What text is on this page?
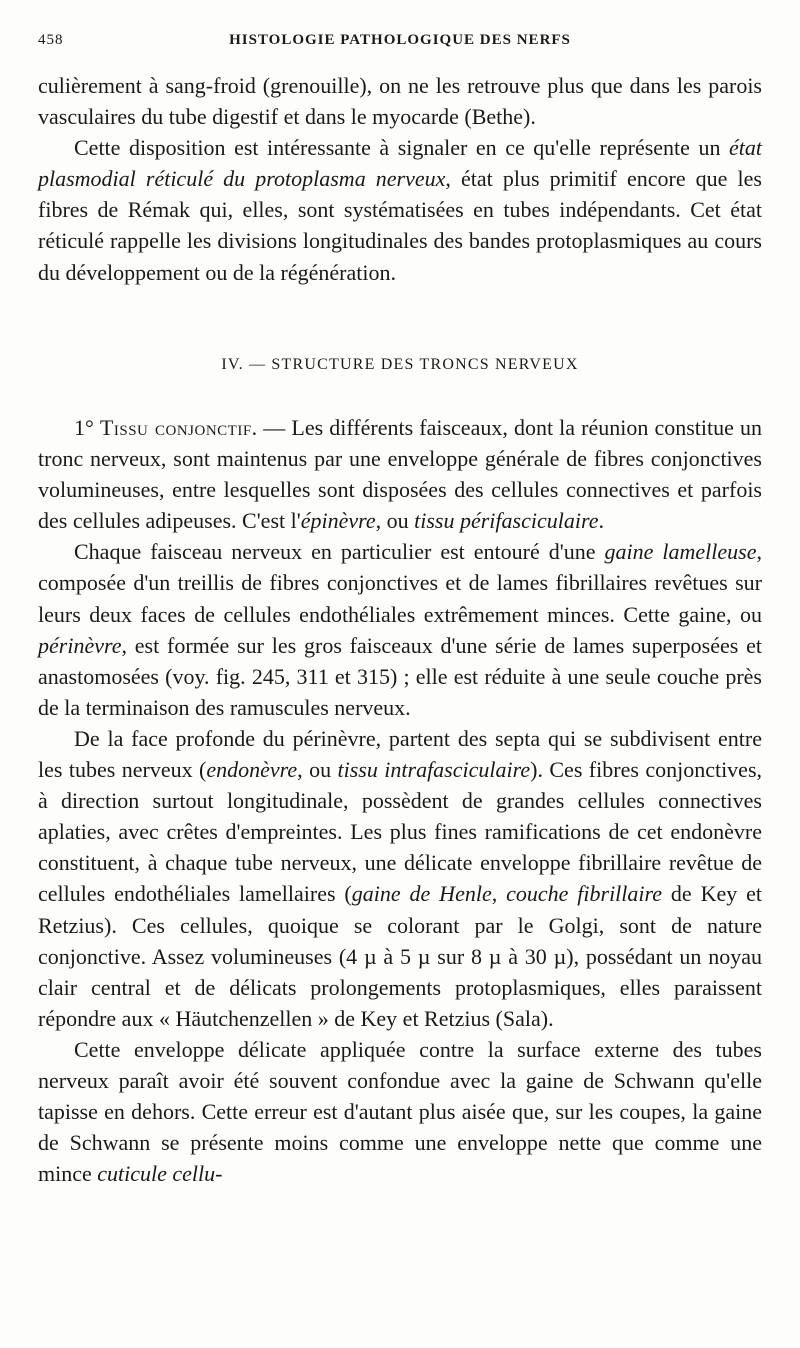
458	HISTOLOGIE PATHOLOGIQUE DES NERFS

culièrement à sang-froid (grenouille), on ne les retrouve plus que dans les parois vasculaires du tube digestif et dans le myocarde (Bethe).

Cette disposition est intéressante à signaler en ce qu'elle représente un état plasmodial réticulé du protoplasma nerveux, état plus primitif encore que les fibres de Rémak qui, elles, sont systématisées en tubes indépendants. Cet état réticulé rappelle les divisions longitudinales des bandes protoplasmiques au cours du développement ou de la régénération.

IV. — STRUCTURE DES TRONCS NERVEUX

1° Tissu conjonctif. — Les différents faisceaux, dont la réunion constitue un tronc nerveux, sont maintenus par une enveloppe générale de fibres conjonctives volumineuses, entre lesquelles sont disposées des cellules connectives et parfois des cellules adipeuses. C'est l'épinèvre, ou tissu périfasciculaire.

Chaque faisceau nerveux en particulier est entouré d'une gaine lamelleuse, composée d'un treillis de fibres conjonctives et de lames fibrillaires revêtues sur leurs deux faces de cellules endothéliales extrêmement minces. Cette gaine, ou périnèvre, est formée sur les gros faisceaux d'une série de lames superposées et anastomosées (voy. fig. 245, 311 et 315) ; elle est réduite à une seule couche près de la terminaison des ramuscules nerveux.

De la face profonde du périnèvre, partent des septa qui se subdivisent entre les tubes nerveux (endonèvre, ou tissu intrafasciculaire). Ces fibres conjonctives, à direction surtout longitudinale, possèdent de grandes cellules connectives aplaties, avec crêtes d'empreintes. Les plus fines ramifications de cet endonèvre constituent, à chaque tube nerveux, une délicate enveloppe fibrillaire revêtue de cellules endothéliales lamellaires (gaine de Henle, couche fibrillaire de Key et Retzius). Ces cellules, quoique se colorant par le Golgi, sont de nature conjonctive. Assez volumineuses (4 µ à 5 µ sur 8 µ à 30 µ), possédant un noyau clair central et de délicats prolongements protoplasmiques, elles paraissent répondre aux « Häutchenzellen » de Key et Retzius (Sala).

Cette enveloppe délicate appliquée contre la surface externe des tubes nerveux paraît avoir été souvent confondue avec la gaine de Schwann qu'elle tapisse en dehors. Cette erreur est d'autant plus aisée que, sur les coupes, la gaine de Schwann se présente moins comme une enveloppe nette que comme une mince cuticule cellu-
